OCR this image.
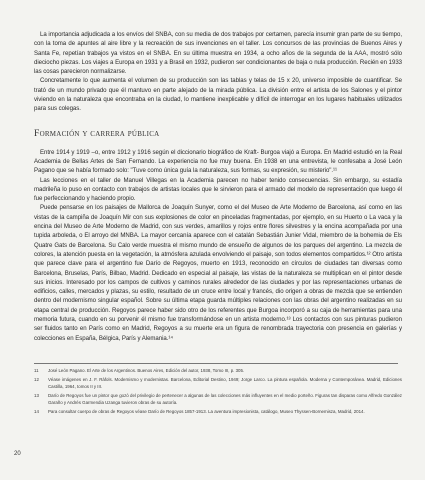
La importancia adjudicada a los envíos del SNBA, con su media de dos trabajos por certamen, parecía insumir gran parte de su tiempo, con la toma de apuntes al aire libre y la recreación de sus invenciones en el taller. Los concursos de las provincias de Buenos Aires y Santa Fe, repetían trabajos ya vistos en el SNBA. En su última muestra en 1934, a ocho años de la segunda de la AAA, mostró sólo dieciocho piezas. Los viajes a Europa en 1931 y a Brasil en 1932, pudieron ser condicionantes de baja o nula producción. Recién en 1933 las cosas parecieron normalizarse.

Concretamente lo que aumenta el volumen de su producción son las tablas y telas de 15 x 20, universo imposible de cuantificar. Se trató de un mundo privado que él mantuvo en parte alejado de la mirada pública. La división entre el artista de los Salones y el pintor viviendo en la naturaleza que encontraba en la ciudad, lo mantiene inexplicable y difícil de interrogar en los lugares habituales utilizados para sus colegas.

Formación y carrera pública

Entre 1914 y 1919 –o, entre 1912 y 1916 según el diccionario biográfico de Kraft- Burgoa viajó a Europa. En Madrid estudió en la Real Academia de Bellas Artes de San Fernando. La experiencia no fue muy buena. En 1938 en una entrevista, le confesaba a José León Pagano que se había formado solo: "Tuve como única guía la naturaleza, sus formas, su expresión, su misterio".¹¹

Las lecciones en el taller de Manuel Villegas en la Academia parecen no haber tenido consecuencias. Sin embargo, su estadía madrileña lo puso en contacto con trabajos de artistas locales que le sirvieron para el armado del modelo de representación que luego él fue perfeccionando y haciendo propio.

Puede pensarse en los paisajes de Mallorca de Joaquín Sunyer, como el del Museo de Arte Moderno de Barcelona, así como en las vistas de la campiña de Joaquín Mir con sus explosiones de color en pinceladas fragmentadas, por ejemplo, en su Huerto o La vaca y la encina del Museo de Arte Moderno de Madrid, con sus verdes, amarillos y rojos entre flores silvestres y la encina acompañada por una tupida arboleda, o El arroyo del MNBA. La mayor cercanía aparece con el catalán Sebastián Junier Vidal, miembro de la bohemia de Els Quatre Gats de Barcelona. Su Calo verde muestra el mismo mundo de ensueño de algunos de los parques del argentino. La mezcla de colores, la atención puesta en la vegetación, la atmósfera azulada envolviendo el paisaje, son todos elementos compartidos.¹² Otro artista que parece clave para el argentino fue Darío de Regoyos, muerto en 1913, reconocido en círculos de ciudades tan diversas como Barcelona, Bruselas, París, Bilbao, Madrid. Dedicado en especial al paisaje, las vistas de la naturaleza se multiplican en el pintor desde sus inicios. Interesado por los campos de cultivos y caminos rurales alrededor de las ciudades y por las representaciones urbanas de edificios, calles, mercados y plazas, su estilo, resultado de un cruce entre local y francés, dio origen a obras de mezcla que se entienden dentro del modernismo singular español. Sobre su última etapa guarda múltiples relaciones con las obras del argentino realizadas en su etapa central de producción. Regoyos parece haber sido otro de los referentes que Burgoa incorporó a su caja de herramientas para una memoria futura, cuando en su porvenir él mismo fue transformándose en un artista moderno.¹³ Los contactos con sus pinturas pudieron ser fluidos tanto en París como en Madrid, Regoyos a su muerte era un figura de renombrada trayectoria con presencia en galerías y colecciones en España, Bélgica, París y Alemania.¹⁴

11 José León Pagano. El Arte de los Argentinos. Buenos Aires, Edición del autor, 1938, Tomo III, p. 305.
12 Véase imágenes en J. F. Ràfols. Modernismo y modernistas. Barcelona, Editorial Destino, 1949; Jorge Larco. La pintura española. Moderna y Contemporánea. Madrid, Ediciones Castilla, 1964, tomos II y III.
13 Darío de Regoyos fue un pintor que gozó del privilegio de pertenecer a algunas de las colecciones más influyentes en el medio porteño. Figuras tan disparas como Alfredo González Garaño y Andrés Garmendia Uzanga tuvieron obras de su autoría.
14 Para consultar cuerpo de obras de Regoyos véase Darío de Regoyos 1857-1913. La aventura impresionista, catálogo, Museo Thyssen-Bornemisza, Madrid, 2014.
20
